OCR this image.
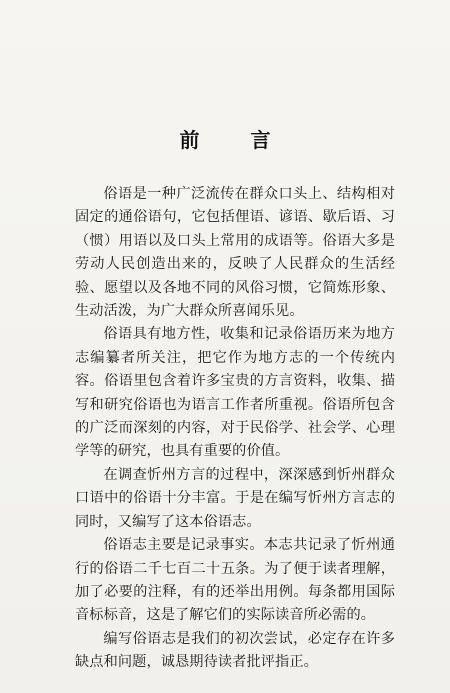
前 言

俗语是一种广泛流传在群众口头上、结构相对固定的通俗语句，它包括俚语、谚语、歇后语、习（惯）用语以及口头上常用的成语等。俗语大多是劳动人民创造出来的，反映了人民群众的生活经验、愿望以及各地不同的风俗习惯，它简炼形象、生动活泼，为广大群众所喜闻乐见。

俗语具有地方性，收集和记录俗语历来为地方志编纂者所关注，把它作为地方志的一个传统内容。俗语里包含着许多宝贵的方言资料，收集、描写和研究俗语也为语言工作者所重视。俗语所包含的广泛而深刻的内容，对于民俗学、社会学、心理学等的研究，也具有重要的价值。

在调查忻州方言的过程中，深深感到忻州群众口语中的俗语十分丰富。于是在编写忻州方言志的同时，又编写了这本俗语志。

俗语志主要是记录事实。本志共记录了忻州通行的俗语二千七百二十五条。为了便于读者理解，加了必要的注释，有的还举出用例。每条都用国际音标标音，这是了解它们的实际读音所必需的。

编写俗语志是我们的初次尝试，必定存在许多缺点和问题，诚恳期待读者批评指正。
